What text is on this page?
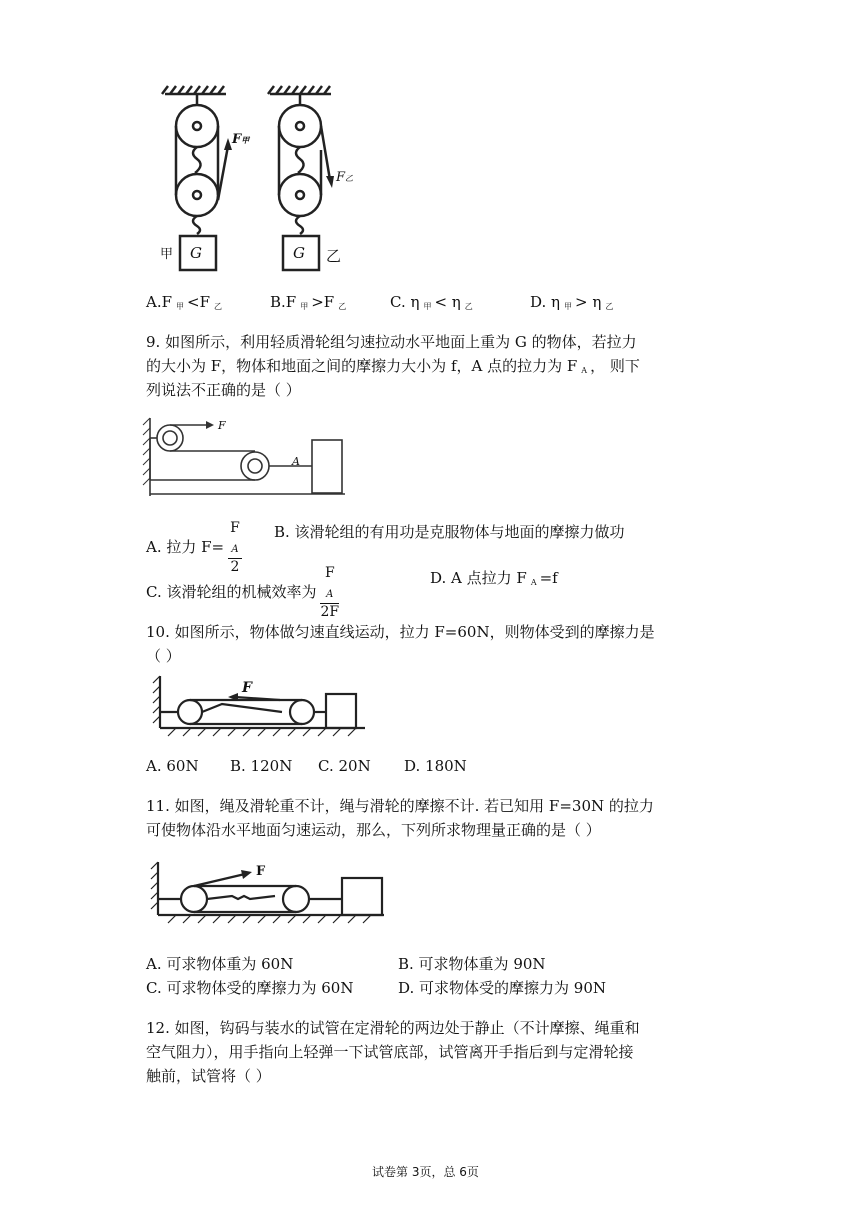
G	G
甲	乙
F甲
F乙
A.F $_甲$ <F $_乙$	B.F $_甲$ >F $_乙$	C. η $_甲$ < η $_乙$	D. η $_甲$ > η $_乙$
9. 如图所示，利用轻质滑轮组匀速拉动水平地面上重为 G 的物体，若拉力
的大小为 F，物体和地面之间的摩擦力大小为 f，A 点的拉力为 F $_A$ ， 则下
列说法不正确的是（ ）
F
A
A. 拉力 F= F
$_A$
2 B. 该滑轮组的有用功是克服物体与地面的摩擦力做功
C. 该滑轮组的机械效率为 F
$_A$
2F	D. A 点拉力 F $_A$ =f
10. 如图所示，物体做匀速直线运动，拉力 F=60N，则物体受到的摩擦力是
（ ）
F
A. 60N B. 120N C. 20N D. 180N
11. 如图，绳及滑轮重不计，绳与滑轮的摩擦不计. 若已知用 F=30N 的拉力
可使物体沿水平地面匀速运动，那么，下列所求物理量正确的是（ ）
F
A. 可求物体重为 60N	B. 可求物体重为 90N
C. 可求物体受的摩擦力为 60N	D. 可求物体受的摩擦力为 90N
12. 如图，钩码与装水的试管在定滑轮的两边处于静止（不计摩擦、绳重和
空气阻力），用手指向上轻弹一下试管底部，试管离开手指后到与定滑轮接
触前，试管将（ ）
试卷第 3页，总 6页
